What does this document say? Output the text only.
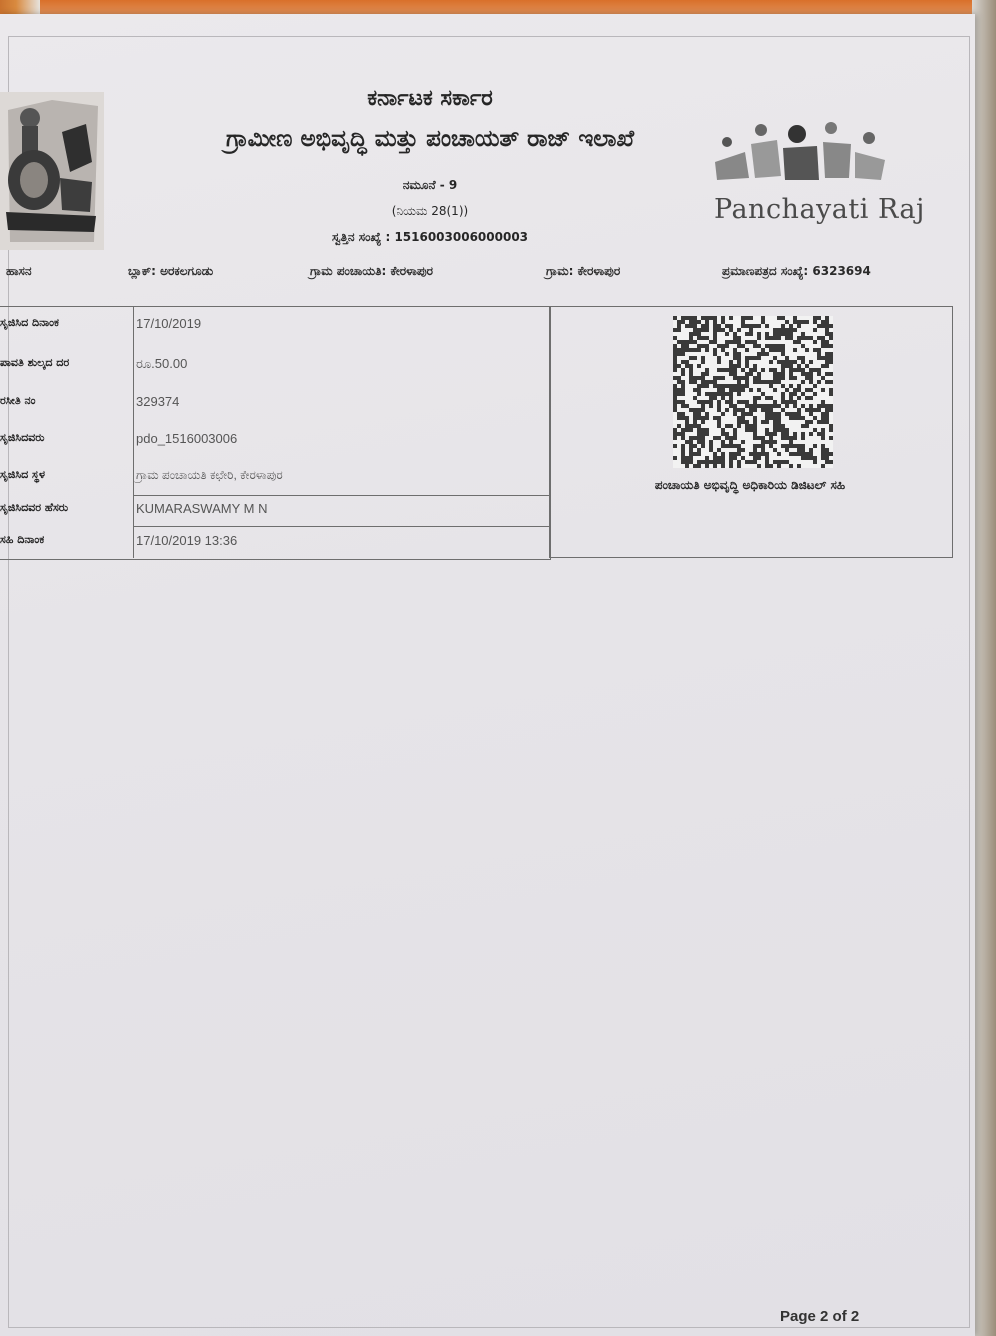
ಕರ್ನಾಟಕ ಸರ್ಕಾರ
ಗ್ರಾಮೀಣ ಅಭಿವೃದ್ಧಿ ಮತ್ತು ಪಂಚಾಯತ್ ರಾಜ್ ಇಲಾಖೆ
ನಮೂನೆ - 9
(ನಿಯಮ 28(1))
ಸ್ವತ್ತಿನ ಸಂಖ್ಯೆ : 1516003006000003
Panchayati Raj
ಹಾಸನ	ಬ್ಲಾಕ್: ಅರಕಲಗೂಡು	ಗ್ರಾಮ ಪಂಚಾಯತಿ: ಕೇರಳಾಪುರ	ಗ್ರಾಮ: ಕೇರಳಾಪುರ	ಪ್ರಮಾಣಪತ್ರದ ಸಂಖ್ಯೆ: 6323694
ಸೃಜಿಸಿದ ದಿನಾಂಕ	17/10/2019
ಪಾವತಿ ಶುಲ್ಕದ ದರ	ರೂ.50.00
ರಸೀತಿ ನಂ	329374
ಸೃಜಿಸಿದವರು	pdo_1516003006
ಸೃಜಿಸಿದ ಸ್ಥಳ	ಗ್ರಾಮ ಪಂಚಾಯತಿ ಕಛೇರಿ, ಕೇರಳಾಪುರ
ಸೃಜಿಸಿದವರ ಹೆಸರು	KUMARASWAMY M N
ಸಹಿ ದಿನಾಂಕ	17/10/2019 13:36
ಪಂಚಾಯತಿ ಅಭಿವೃದ್ಧಿ ಅಧಿಕಾರಿಯ ಡಿಜಿಟಲ್ ಸಹಿ
Page 2 of 2
